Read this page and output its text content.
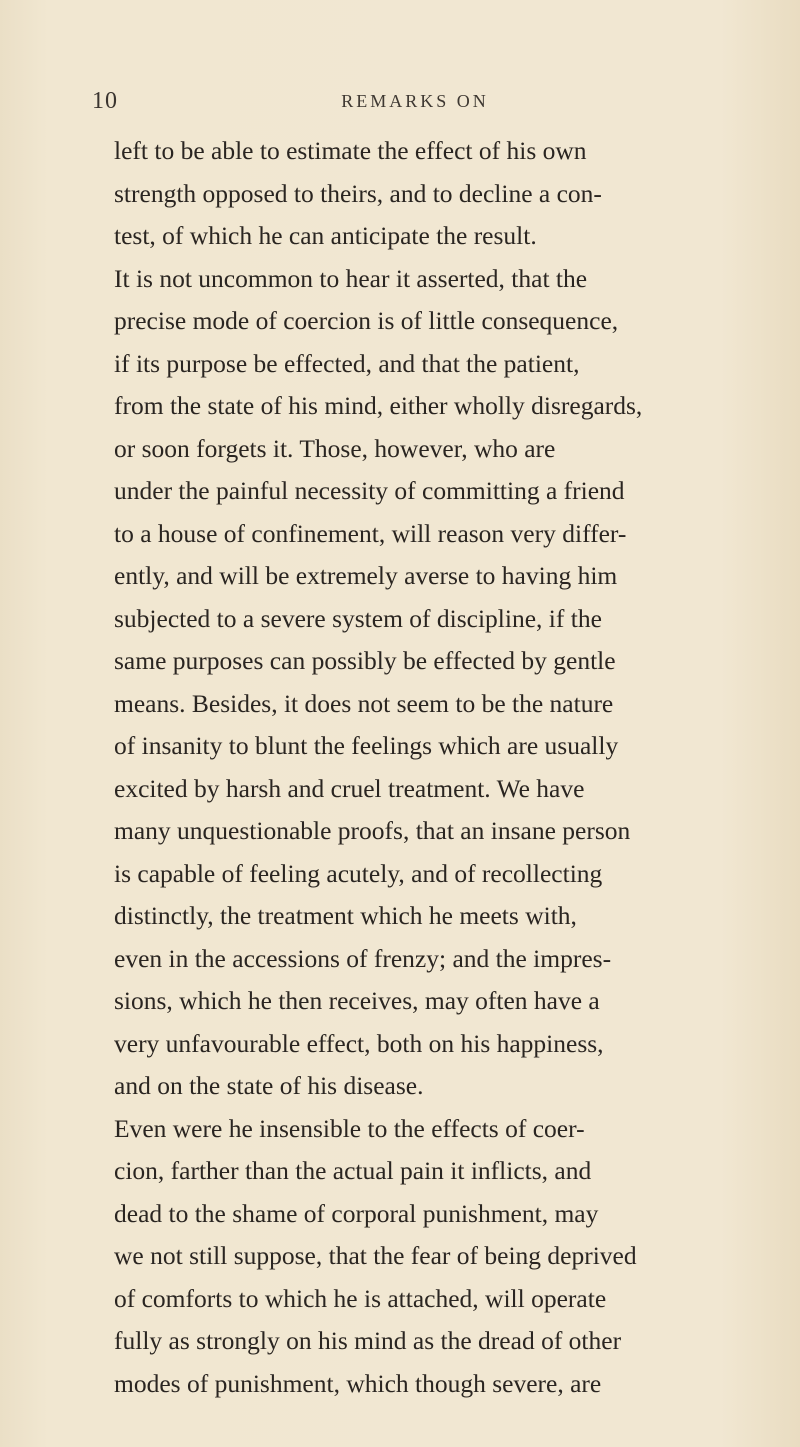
10	REMARKS ON
left to be able to estimate the effect of his own
strength opposed to theirs, and to decline a con-
test, of which he can anticipate the result.
It is not uncommon to hear it asserted, that the
precise mode of coercion is of little consequence,
if its purpose be effected, and that the patient,
from the state of his mind, either wholly disregards,
or soon forgets it. Those, however, who are
under the painful necessity of committing a friend
to a house of confinement, will reason very differ-
ently, and will be extremely averse to having him
subjected to a severe system of discipline, if the
same purposes can possibly be effected by gentle
means. Besides, it does not seem to be the nature
of insanity to blunt the feelings which are usually
excited by harsh and cruel treatment. We have
many unquestionable proofs, that an insane person
is capable of feeling acutely, and of recollecting
distinctly, the treatment which he meets with,
even in the accessions of frenzy; and the impres-
sions, which he then receives, may often have a
very unfavourable effect, both on his happiness,
and on the state of his disease.
Even were he insensible to the effects of coer-
cion, farther than the actual pain it inflicts, and
dead to the shame of corporal punishment, may
we not still suppose, that the fear of being deprived
of comforts to which he is attached, will operate
fully as strongly on his mind as the dread of other
modes of punishment, which though severe, are
